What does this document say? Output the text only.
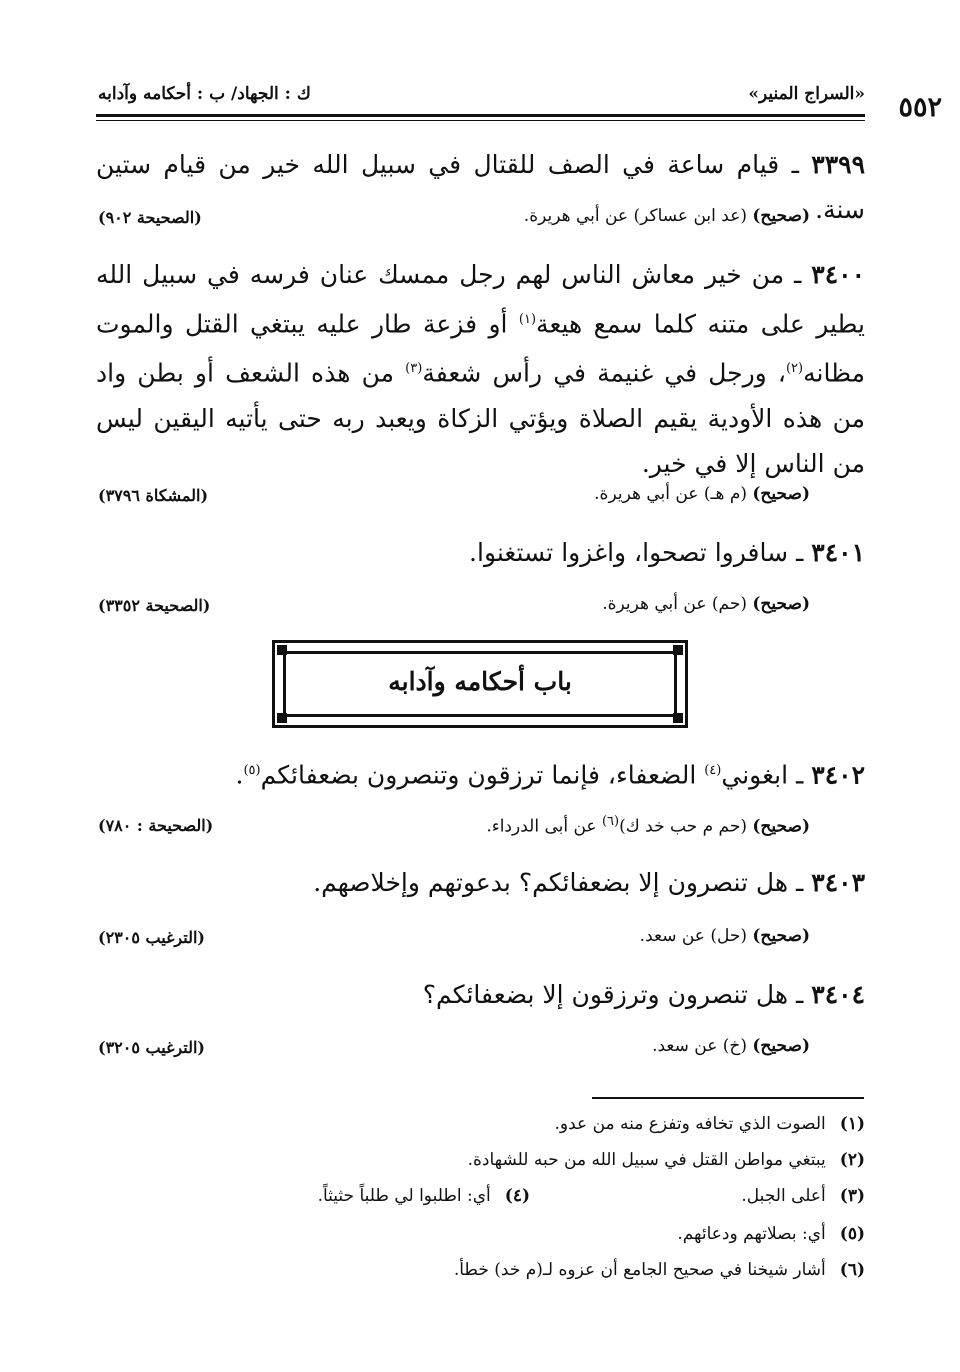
٥٥٢
«السراج المنير»
ك : الجهاد/ ب : أحكامه وآدابه
٣٣٩٩ ـ قيام ساعة في الصف للقتال في سبيل الله خير من قيام ستين سنة.
(صحيح) (عد ابن عساكر) عن أبي هريرة.
(الصحيحة ٩٠٢)
٣٤٠٠ ـ من خير معاش الناس لهم رجل ممسك عنان فرسه في سبيل الله يطير على متنه كلما سمع هيعة$^{(١)}$ أو فزعة طار عليه يبتغي القتل والموت مظانه$^{(٢)}$، ورجل في غنيمة في رأس شعفة$^{(٣)}$ من هذه الشعف أو بطن واد من هذه الأودية يقيم الصلاة ويؤتي الزكاة ويعبد ربه حتى يأتيه اليقين ليس من الناس إلا في خير.
(صحيح) (م هـ) عن أبي هريرة.
(المشكاة ٣٧٩٦)
٣٤٠١ ـ سافروا تصحوا، واغزوا تستغنوا.
(صحيح) (حم) عن أبي هريرة.
(الصحيحة ٣٣٥٢)
باب أحكامه وآدابه
٣٤٠٢ ـ ابغوني$^{(٤)}$ الضعفاء، فإنما ترزقون وتنصرون بضعفائكم$^{(٥)}$.
(صحيح) (حم م حب خد ك)$^{(٦)}$ عن أبى الدرداء.
(الصحيحة : ٧٨٠)
٣٤٠٣ ـ هل تنصرون إلا بضعفائكم؟ بدعوتهم وإخلاصهم.
(صحيح) (حل) عن سعد.
(الترغيب ٢٣٠٥)
٣٤٠٤ ـ هل تنصرون وترزقون إلا بضعفائكم؟
(صحيح) (خ) عن سعد.
(الترغيب ٣٢٠٥)
(١)الصوت الذي تخافه وتفزع منه من عدو.
(٢)يبتغي مواطن القتل في سبيل الله من حبه للشهادة.
(٣)أعلى الجبل.
(٤)أي: اطلبوا لي طلباً حثيثاً.
(٥)أي: بصلاتهم ودعائهم.
(٦)أشار شيخنا في صحيح الجامع أن عزوه لـ(م خد) خطأ.
